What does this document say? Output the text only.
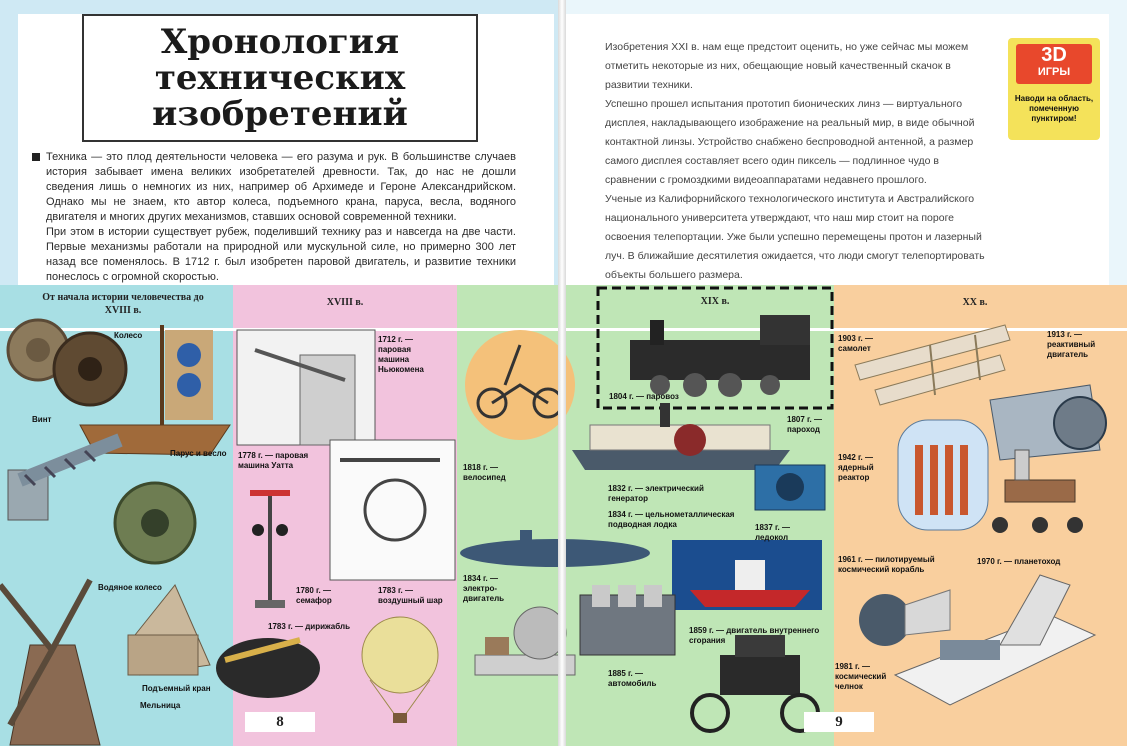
Хронология
технических
изобретений
Техника — это плод деятельности человека — его разума и рук. В большинстве случаев история забывает имена великих изобретателей древности. Так, до нас не дошли сведения лишь о немногих из них, например об Архимеде и Героне Александрийском. Однако мы не знаем, кто автор колеса, подъемного крана, паруса, весла, водяного двигателя и многих других механизмов, ставших основой современной техники.
При этом в истории существует рубеж, поделивший технику раз и навсегда на две части. Первые механизмы работали на природной или мускульной силе, но примерно 300 лет назад все поменялось. В 1712 г. был изобретен паровой двигатель, и развитие техники понеслось с огромной скоростью.
Изобретения XXI в. нам еще предстоит оценить, но уже сейчас мы можем отметить некоторые из них, обещающие новый качественный скачок в развитии техники.
Успешно прошел испытания прототип бионических линз — виртуального дисплея, накладывающего изображение на реальный мир, в виде обычной контактной линзы. Устройство снабжено беспроводной антенной, а размер самого дисплея составляет всего один пиксель — подлинное чудо в сравнении с громоздкими видеоаппаратами недавнего прошлого.
Ученые из Калифорнийского технологического института и Австралийского национального университета утверждают, что наш мир стоит на пороге освоения телепортации. Уже были успешно перемещены протон и лазерный луч. В ближайшие десятилетия ожидается, что люди смогут телепортировать объекты большего размера.
3D
ИГРЫ
Наводи на область, помеченную пунктиром!
От начала истории человечества до XVIII в.
XVIII в.	XIX в.	XX в.
Колесо
Винт
Парус и весло
Водяное колесо
Подъемный кран
Мельница
1712 г. — паровая машина Ньюкомена
1778 г. — паровая машина Уатта
1780 г. — семафор
1783 г. — воздушный шар
1783 г. — дирижабль
1818 г. — велосипед
1804 г. — паровоз
1807 г. — пароход
1832 г. — электрический генератор
1834 г. — цельнометаллическая подводная лодка	1837 г. — ледокол
1834 г. — электро-двигатель
1859 г. — двигатель внутреннего сгорания
1885 г. — автомобиль
1903 г. — самолет
1913 г. — реактивный двигатель
1942 г. — ядерный реактор
1970 г. — планетоход
1961 г. — пилотируемый космический корабль
1981 г. — космический челнок
8	9
